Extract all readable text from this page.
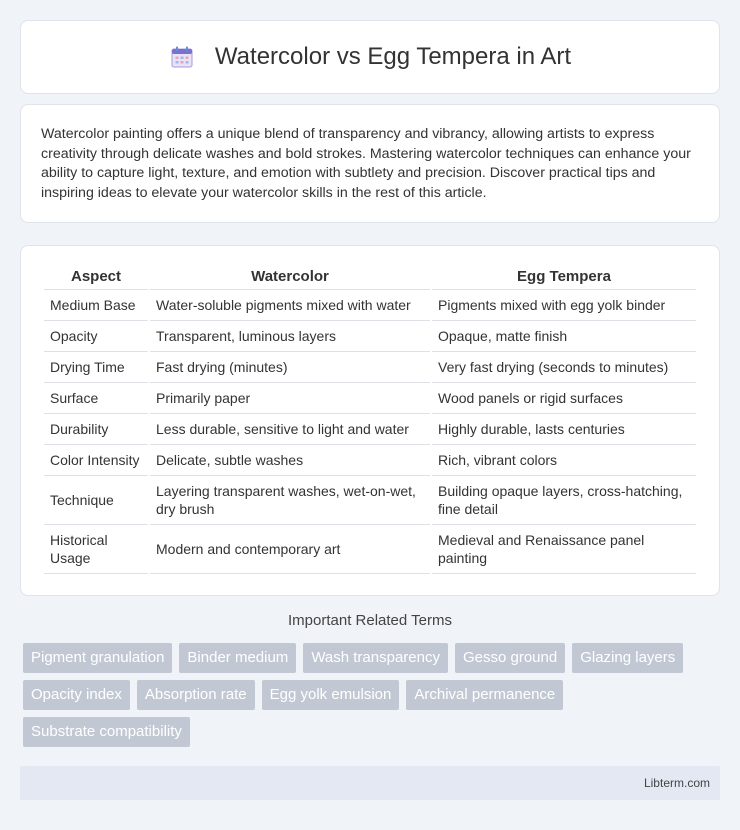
Watercolor vs Egg Tempera in Art

Watercolor painting offers a unique blend of transparency and vibrancy, allowing artists to express creativity through delicate washes and bold strokes. Mastering watercolor techniques can enhance your ability to capture light, texture, and emotion with subtlety and precision. Discover practical tips and inspiring ideas to elevate your watercolor skills in the rest of this article.

Aspect	Watercolor	Egg Tempera
Medium Base	Water-soluble pigments mixed with water	Pigments mixed with egg yolk binder
Opacity	Transparent, luminous layers	Opaque, matte finish
Drying Time	Fast drying (minutes)	Very fast drying (seconds to minutes)
Surface	Primarily paper	Wood panels or rigid surfaces
Durability	Less durable, sensitive to light and water	Highly durable, lasts centuries
Color Intensity	Delicate, subtle washes	Rich, vibrant colors
Technique	Layering transparent washes, wet-on-wet, dry brush	Building opaque layers, cross-hatching, fine detail
Historical Usage	Modern and contemporary art	Medieval and Renaissance panel painting
Important Related Terms
Pigment granulation	Binder medium	Wash transparency	Gesso ground	Glazing layers
Opacity index	Absorption rate	Egg yolk emulsion	Archival permanence
Substrate compatibility
Libterm.com
